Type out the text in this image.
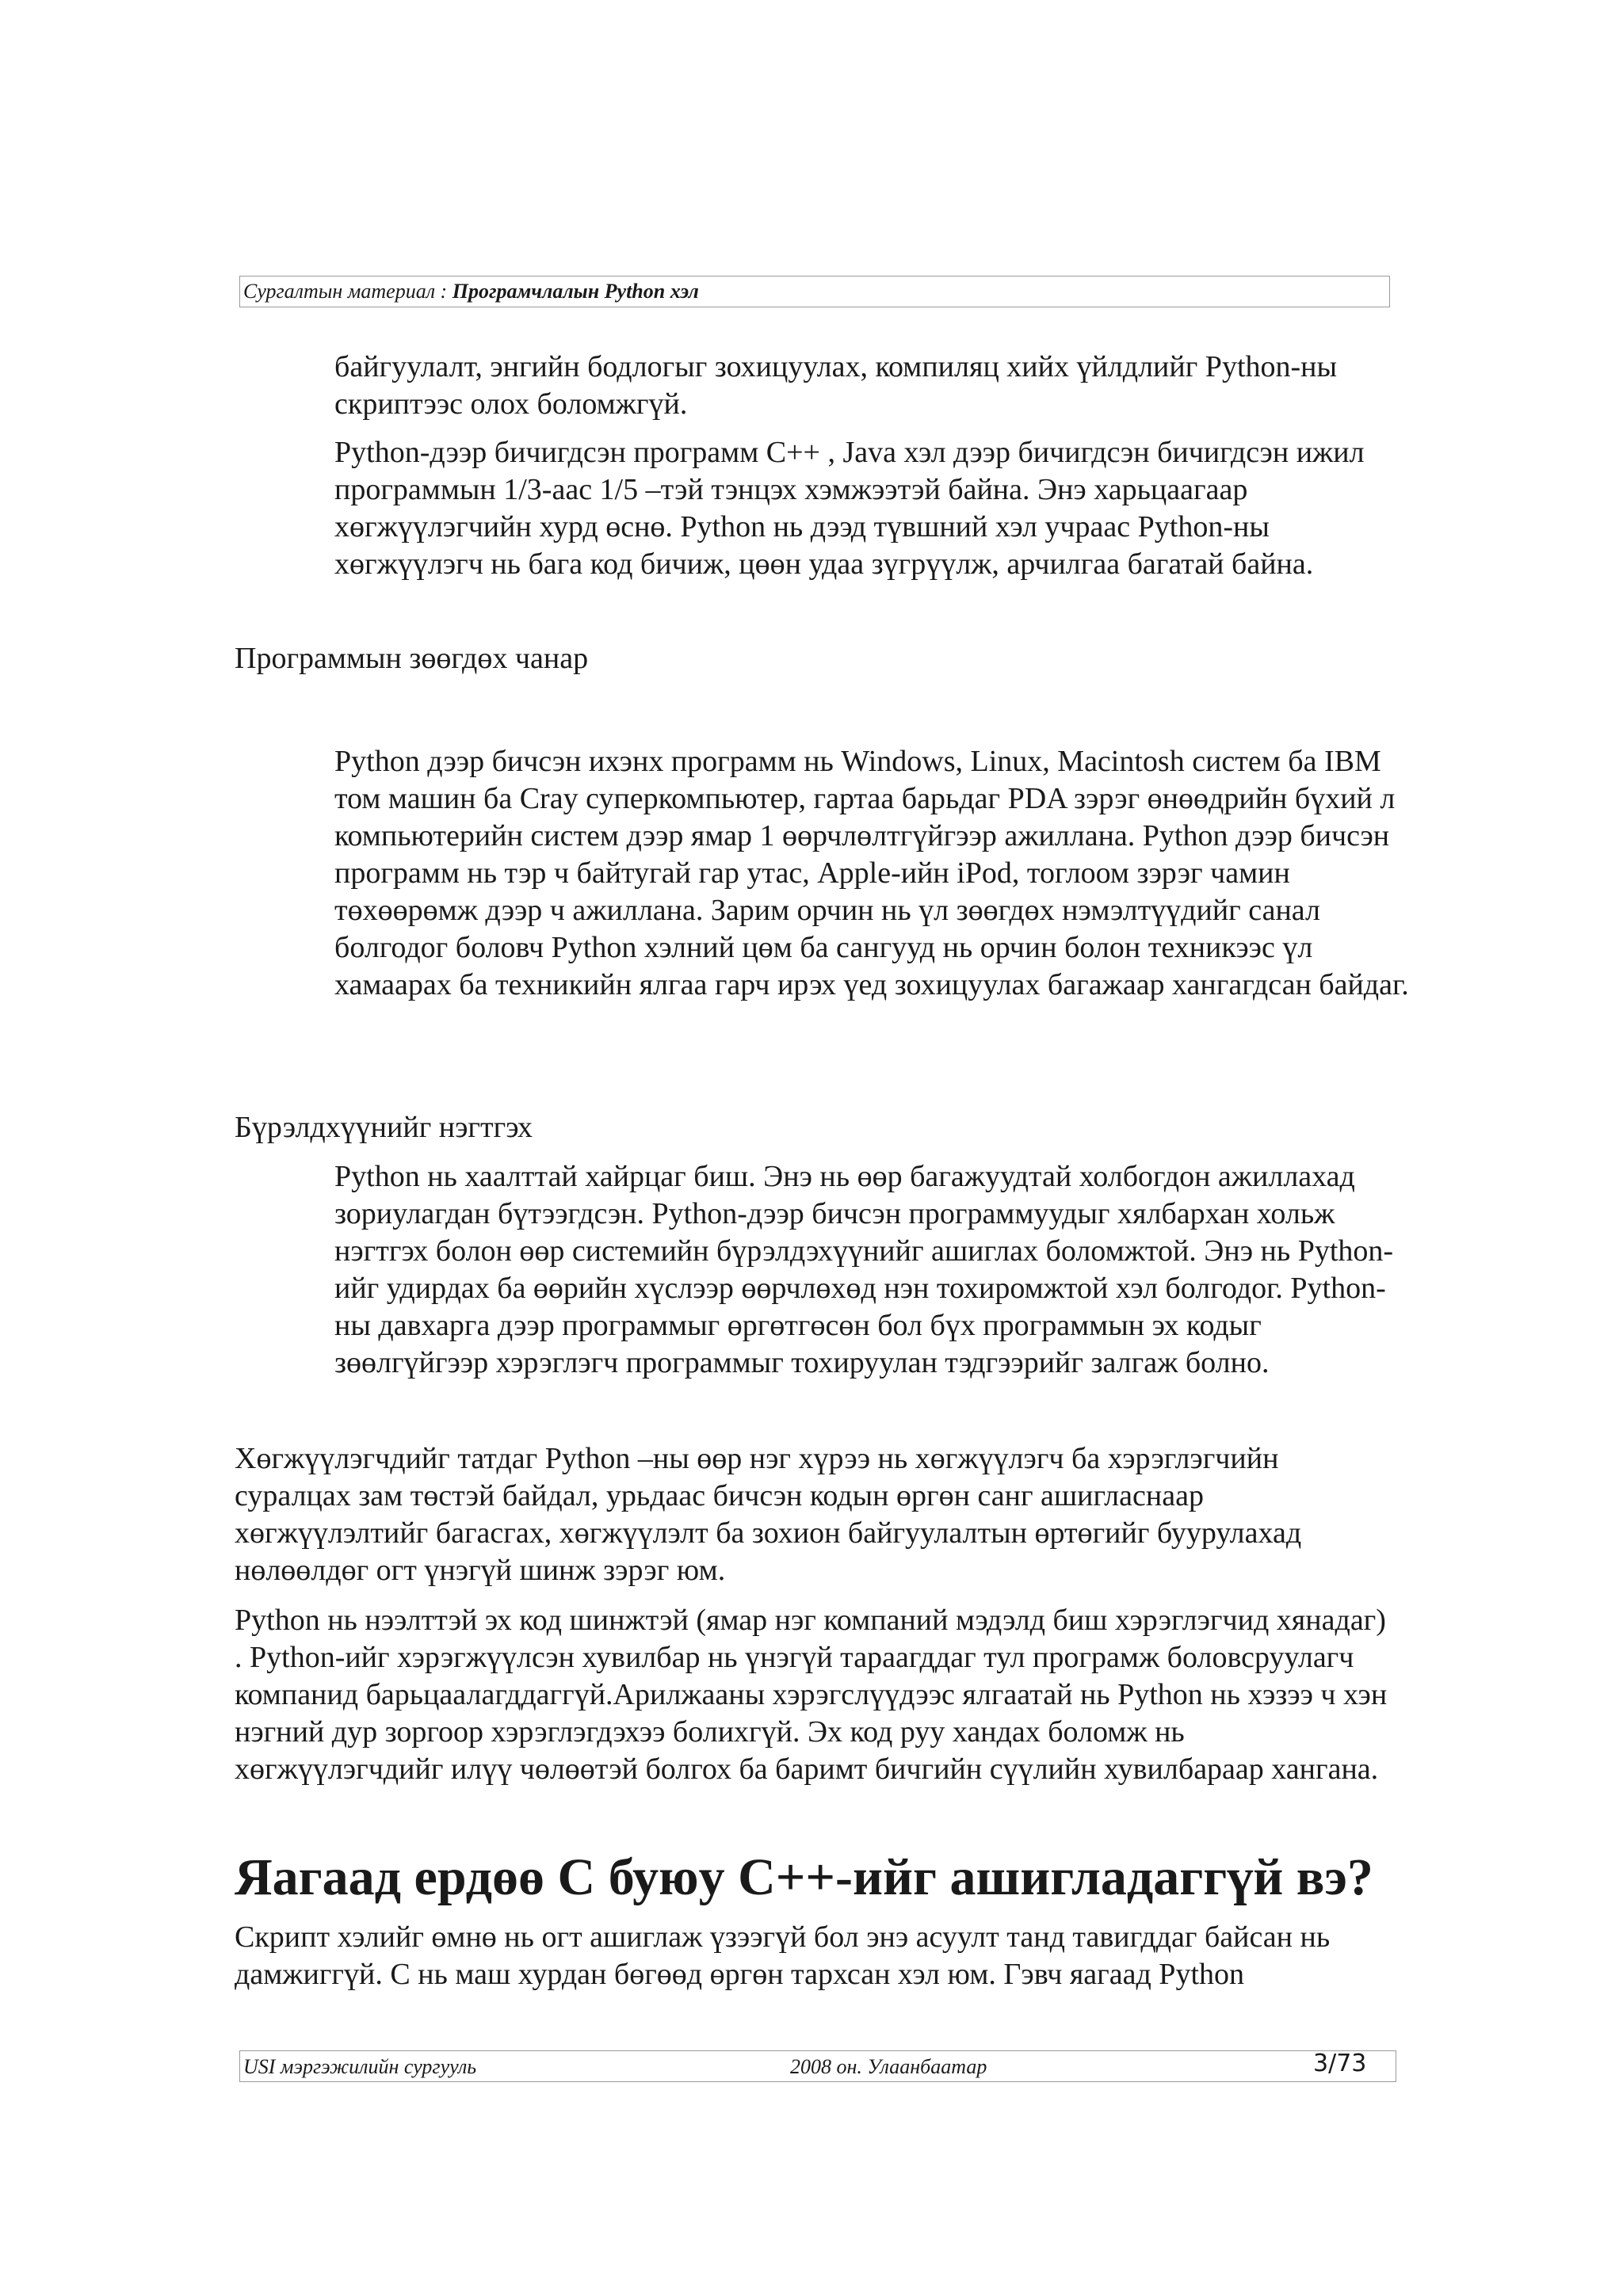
Сургалтын материал : Програмчлалын Python хэл

байгуулалт, энгийн бодлогыг зохицуулах, компиляц хийх үйлдлийг Python-ны скриптээс олох боломжгүй.

Python-дээр бичигдсэн программ C++ , Java хэл дээр бичигдсэн бичигдсэн ижил программын 1/3-аас 1/5 –тэй тэнцэх хэмжээтэй байна. Энэ харьцаагаар хөгжүүлэгчийн хурд өснө. Python нь дээд түвшний хэл учраас Python-ны хөгжүүлэгч нь бага код бичиж, цөөн удаа зүгрүүлж, арчилгаа багатай байна.

Программын зөөгдөх чанар

Python дээр бичсэн ихэнх программ нь Windows, Linux, Macintosh систем ба IBM том машин ба Cray суперкомпьютер, гартаа барьдаг PDA зэрэг өнөөдрийн бүхий л компьютерийн систем дээр ямар 1 өөрчлөлтгүйгээр ажиллана. Python дээр бичсэн программ нь тэр ч байтугай гар утас, Apple-ийн iPod, тоглоом зэрэг чамин төхөөрөмж дээр ч ажиллана. Зарим орчин нь үл зөөгдөх нэмэлтүүдийг санал болгодог боловч Python хэлний цөм ба сангууд нь орчин болон техникээс үл хамаарах ба техникийн ялгаа гарч ирэх үед зохицуулах багажаар хангагдсан байдаг.

Бүрэлдхүүнийг нэгтгэх

Python нь хаалттай хайрцаг биш. Энэ нь өөр багажуудтай холбогдон ажиллахад зориулагдан бүтээгдсэн. Python-дээр бичсэн программуудыг хялбархан хольж нэгтгэх болон өөр системийн бүрэлдэхүүнийг ашиглах боломжтой. Энэ нь Python-ийг удирдах ба өөрийн хүслээр өөрчлөхөд нэн тохиромжтой хэл болгодог. Python-ны давхарга дээр программыг өргөтгөсөн бол бүх программын эх кодыг зөөлгүйгээр хэрэглэгч программыг тохируулан тэдгээрийг залгаж болно.

Хөгжүүлэгчдийг татдаг Python –ны өөр нэг хүрээ нь хөгжүүлэгч ба хэрэглэгчийн суралцах зам төстэй байдал, урьдаас бичсэн кодын өргөн санг ашигласнаар хөгжүүлэлтийг багасгах, хөгжүүлэлт ба зохион байгуулалтын өртөгийг буурулахад нөлөөлдөг огт үнэгүй шинж зэрэг юм.

Python нь нээлттэй эх код шинжтэй (ямар нэг компаний мэдэлд биш хэрэглэгчид хянадаг) . Python-ийг хэрэгжүүлсэн хувилбар нь үнэгүй тараагддаг тул програмж боловсруулагч компанид барьцаалагддаггүй.Арилжааны хэрэгслүүдээс ялгаатай нь Python нь хэзээ ч хэн нэгний дур зоргоор хэрэглэгдэхээ болихгүй. Эх код руу хандах боломж нь хөгжүүлэгчдийг илүү чөлөөтэй болгох ба баримт бичгийн сүүлийн хувилбараар хангана.

Яагаад ердөө C буюу C++-ийг ашигладаггүй вэ?

Скрипт хэлийг өмнө нь огт ашиглаж үзээгүй бол энэ асуулт танд тавигддаг байсан нь дамжиггүй. C нь маш хурдан бөгөөд өргөн тархсан хэл юм. Гэвч яагаад Python

USI мэргэжилийн сургууль	2008 он. Улаанбаатар	3/73
